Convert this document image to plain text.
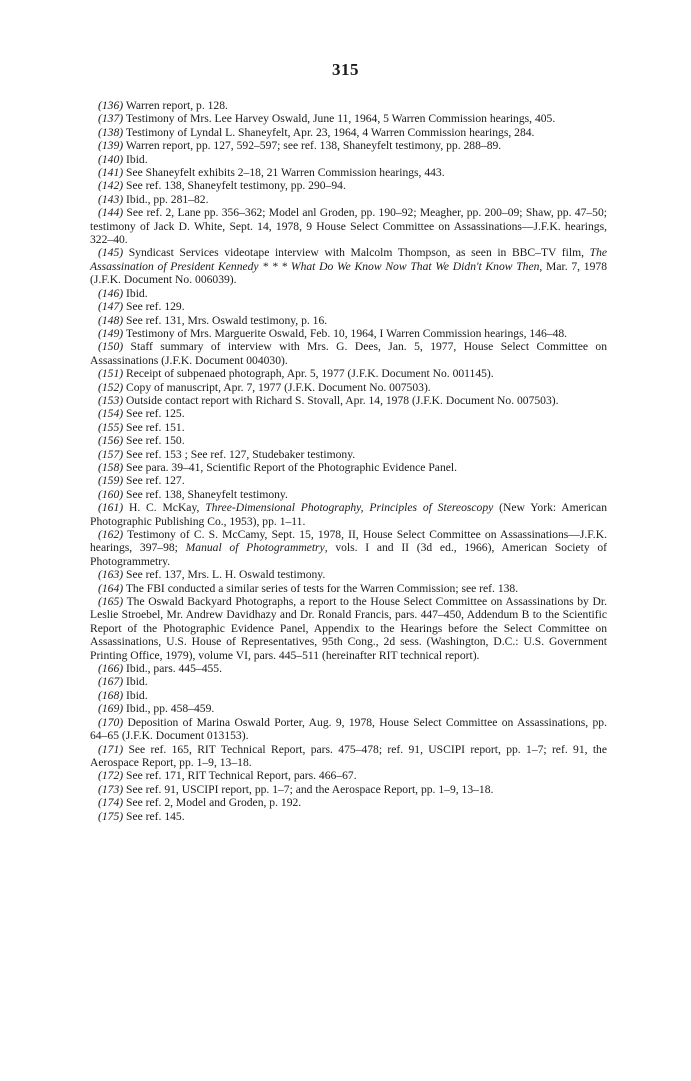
315

(136) Warren report, p. 128.

(137) Testimony of Mrs. Lee Harvey Oswald, June 11, 1964, 5 Warren Commission hearings, 405.

(138) Testimony of Lyndal L. Shaneyfelt, Apr. 23, 1964, 4 Warren Commission hearings, 284.

(139) Warren report, pp. 127, 592–597; see ref. 138, Shaneyfelt testimony, pp. 288–89.

(140) Ibid.

(141) See Shaneyfelt exhibits 2–18, 21 Warren Commission hearings, 443.

(142) See ref. 138, Shaneyfelt testimony, pp. 290–94.

(143) Ibid., pp. 281–82.

(144) See ref. 2, Lane pp. 356–362; Model anl Groden, pp. 190–92; Meagher, pp. 200–09; Shaw, pp. 47–50; testimony of Jack D. White, Sept. 14, 1978, 9 House Select Committee on Assassinations—J.F.K. hearings, 322–40.

(145) Syndicast Services videotape interview with Malcolm Thompson, as seen in BBC–TV film, The Assassination of President Kennedy * * * What Do We Know Now That We Didn't Know Then, Mar. 7, 1978 (J.F.K. Document No. 006039).

(146) Ibid.

(147) See ref. 129.

(148) See ref. 131, Mrs. Oswald testimony, p. 16.

(149) Testimony of Mrs. Marguerite Oswald, Feb. 10, 1964, I Warren Commission hearings, 146–48.

(150) Staff summary of interview with Mrs. G. Dees, Jan. 5, 1977, House Select Committee on Assassinations (J.F.K. Document 004030).

(151) Receipt of subpenaed photograph, Apr. 5, 1977 (J.F.K. Document No. 001145).

(152) Copy of manuscript, Apr. 7, 1977 (J.F.K. Document No. 007503).

(153) Outside contact report with Richard S. Stovall, Apr. 14, 1978 (J.F.K. Document No. 007503).

(154) See ref. 125.

(155) See ref. 151.

(156) See ref. 150.

(157) See ref. 153 ; See ref. 127, Studebaker testimony.

(158) See para. 39–41, Scientific Report of the Photographic Evidence Panel.

(159) See ref. 127.

(160) See ref. 138, Shaneyfelt testimony.

(161) H. C. McKay, Three-Dimensional Photography, Principles of Stereoscopy (New York: American Photographic Publishing Co., 1953), pp. 1–11.

(162) Testimony of C. S. McCamy, Sept. 15, 1978, II, House Select Committee on Assassinations—J.F.K. hearings, 397–98; Manual of Photogrammetry, vols. I and II (3d ed., 1966), American Society of Photogrammetry.

(163) See ref. 137, Mrs. L. H. Oswald testimony.

(164) The FBI conducted a similar series of tests for the Warren Commission; see ref. 138.

(165) The Oswald Backyard Photographs, a report to the House Select Committee on Assassinations by Dr. Leslie Stroebel, Mr. Andrew Davidhazy and Dr. Ronald Francis, pars. 447–450, Addendum B to the Scientific Report of the Photographic Evidence Panel, Appendix to the Hearings before the Select Committee on Assassinations, U.S. House of Representatives, 95th Cong., 2d sess. (Washington, D.C.: U.S. Government Printing Office, 1979), volume VI, pars. 445–511 (hereinafter RIT technical report).

(166) Ibid., pars. 445–455.

(167) Ibid.

(168) Ibid.

(169) Ibid., pp. 458–459.

(170) Deposition of Marina Oswald Porter, Aug. 9, 1978, House Select Committee on Assassinations, pp. 64–65 (J.F.K. Document 013153).

(171) See ref. 165, RIT Technical Report, pars. 475–478; ref. 91, USCIPI report, pp. 1–7; ref. 91, the Aerospace Report, pp. 1–9, 13–18.

(172) See ref. 171, RIT Technical Report, pars. 466–67.

(173) See ref. 91, USCIPI report, pp. 1–7; and the Aerospace Report, pp. 1–9, 13–18.

(174) See ref. 2, Model and Groden, p. 192.

(175) See ref. 145.
